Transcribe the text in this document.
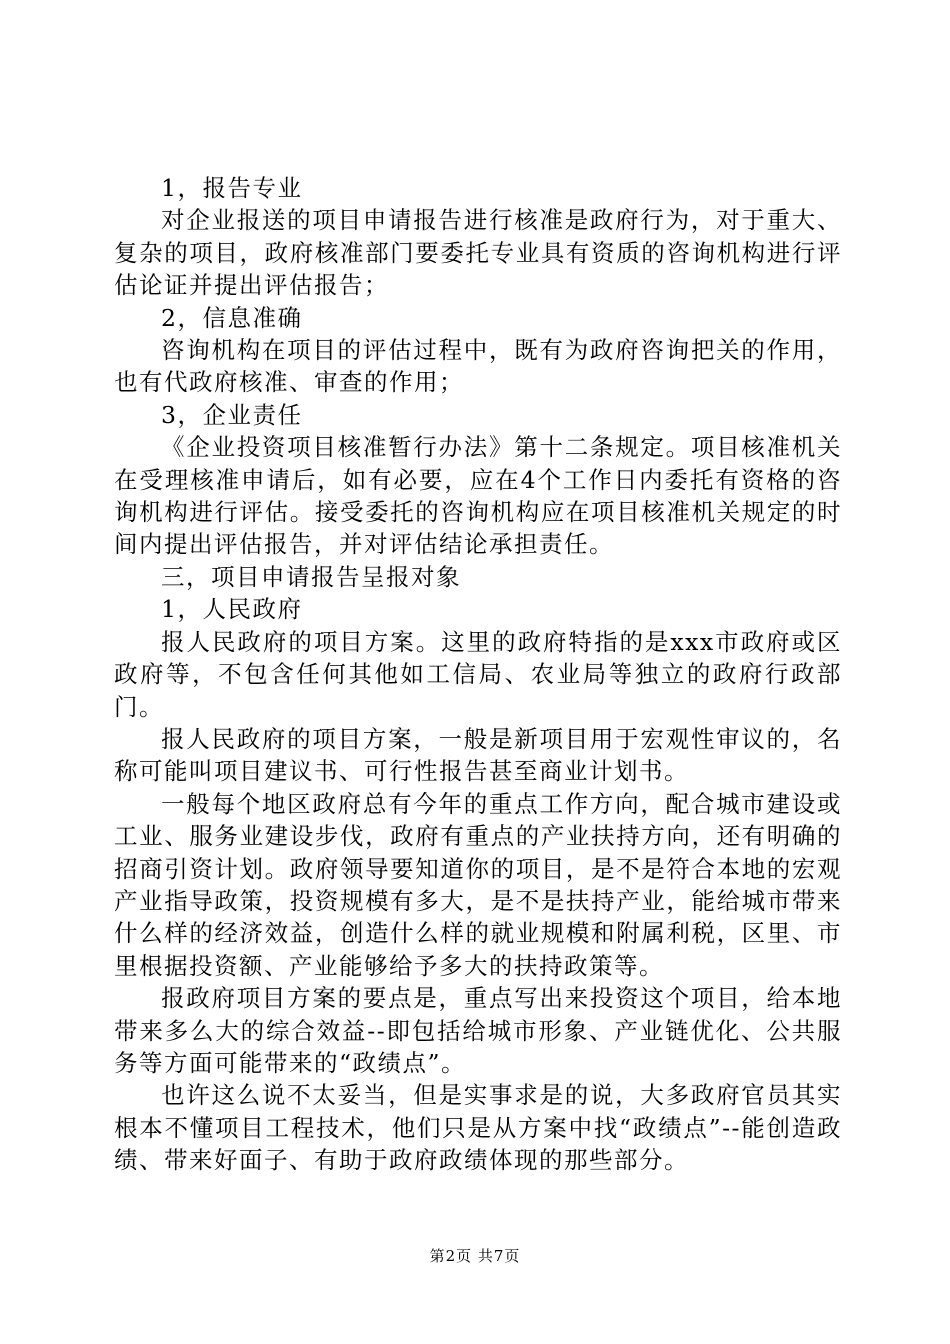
1，报告专业

对企业报送的项目申请报告进行核准是政府行为，对于重大、复杂的项目，政府核准部门要委托专业具有资质的咨询机构进行评估论证并提出评估报告；

2，信息准确

咨询机构在项目的评估过程中，既有为政府咨询把关的作用，也有代政府核准、审查的作用；

3，企业责任

《企业投资项目核准暂行办法》第十二条规定。项目核准机关在受理核准申请后，如有必要，应在4个工作日内委托有资格的咨询机构进行评估。接受委托的咨询机构应在项目核准机关规定的时间内提出评估报告，并对评估结论承担责任。

三，项目申请报告呈报对象

1，人民政府

报人民政府的项目方案。这里的政府特指的是xxx市政府或区政府等，不包含任何其他如工信局、农业局等独立的政府行政部门。

报人民政府的项目方案，一般是新项目用于宏观性审议的，名称可能叫项目建议书、可行性报告甚至商业计划书。

一般每个地区政府总有今年的重点工作方向，配合城市建设或工业、服务业建设步伐，政府有重点的产业扶持方向，还有明确的招商引资计划。政府领导要知道你的项目，是不是符合本地的宏观产业指导政策，投资规模有多大，是不是扶持产业，能给城市带来什么样的经济效益，创造什么样的就业规模和附属利税，区里、市里根据投资额、产业能够给予多大的扶持政策等。

报政府项目方案的要点是，重点写出来投资这个项目，给本地带来多么大的综合效益--即包括给城市形象、产业链优化、公共服务等方面可能带来的“政绩点”。

也许这么说不太妥当，但是实事求是的说，大多政府官员其实根本不懂项目工程技术，他们只是从方案中找“政绩点”--能创造政绩、带来好面子、有助于政府政绩体现的那些部分。

第2页 共7页
